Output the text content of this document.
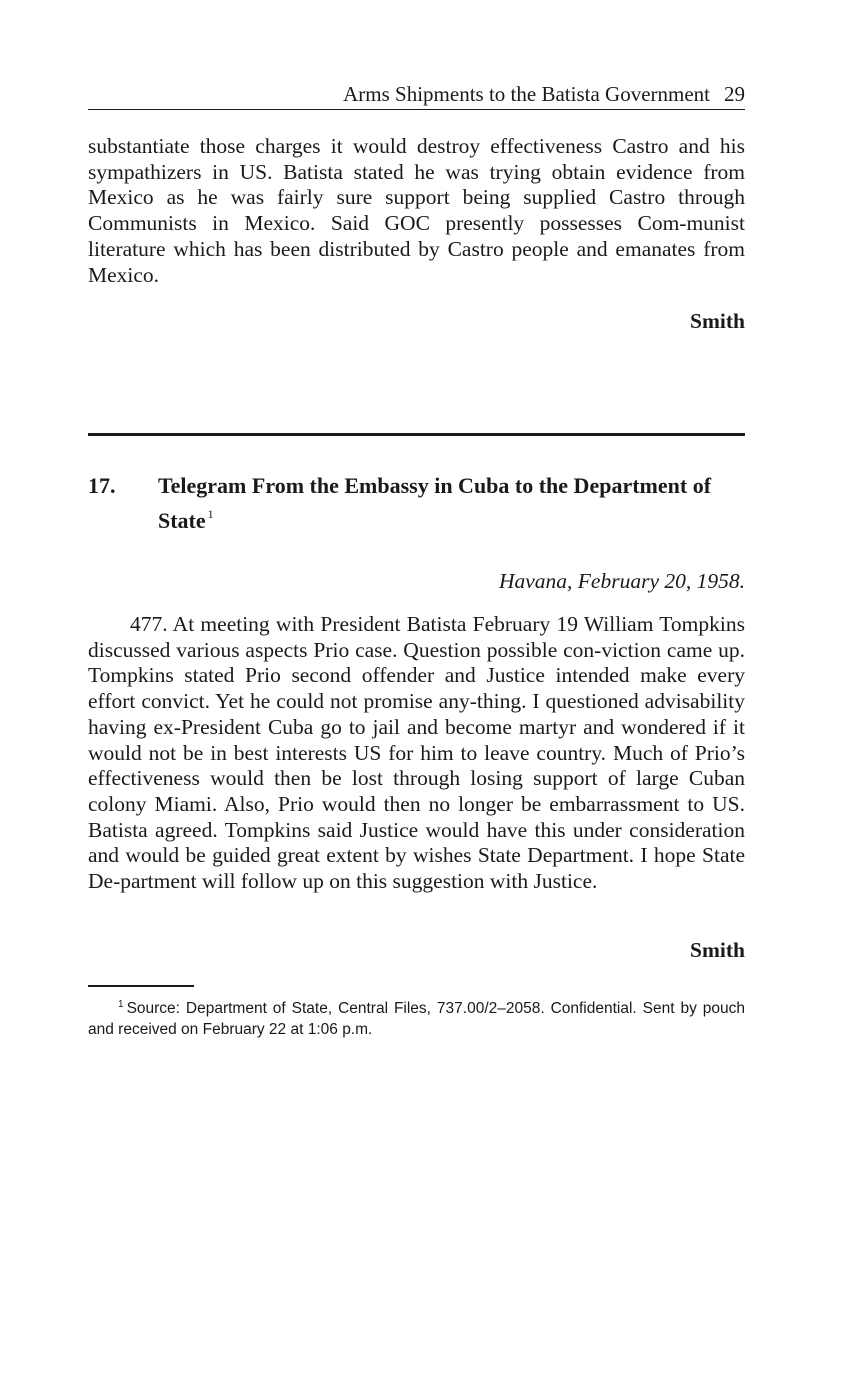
Arms Shipments to the Batista Government 29
substantiate those charges it would destroy effectiveness Castro and his sympathizers in US. Batista stated he was trying obtain evidence from Mexico as he was fairly sure support being supplied Castro through Communists in Mexico. Said GOC presently possesses Com-munist literature which has been distributed by Castro people and emanates from Mexico.
Smith
17. Telegram From the Embassy in Cuba to the Department of State $^1$
Havana, February 20, 1958.
477. At meeting with President Batista February 19 William Tompkins discussed various aspects Prio case. Question possible con-viction came up. Tompkins stated Prio second offender and Justice intended make every effort convict. Yet he could not promise any-thing. I questioned advisability having ex-President Cuba go to jail and become martyr and wondered if it would not be in best interests US for him to leave country. Much of Prio’s effectiveness would then be lost through losing support of large Cuban colony Miami. Also, Prio would then no longer be embarrassment to US. Batista agreed. Tompkins said Justice would have this under consideration and would be guided great extent by wishes State Department. I hope State De-partment will follow up on this suggestion with Justice.
Smith
$^1$ Source: Department of State, Central Files, 737.00/2–2058. Confidential. Sent by pouch and received on February 22 at 1:06 p.m.
